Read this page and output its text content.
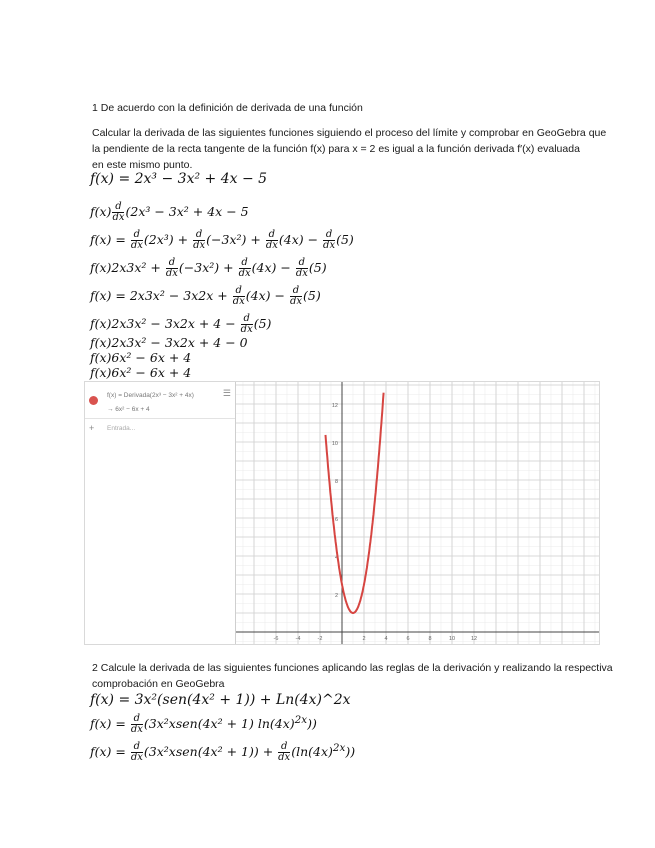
1 De acuerdo con la definición de derivada de una función
Calcular la derivada de las siguientes funciones siguiendo el proceso del límite y comprobar en GeoGebra que
la pendiente de la recta tangente de la función f(x) para x = 2 es igual a la función derivada f′(x) evaluada
en este mismo punto.
f(x) = 2x³ − 3x² + 4x − 5
$f(x) \frac{d}{dx} (2x^3 - 3x^2 + 4x - 5$
$f(x) = \frac{d}{dx} (2x^3) + \frac{d}{dx} (-3x^2) + \frac{d}{dx} (4x) - \frac{d}{dx} (5)$
$f(x)2x3x^2 + \frac{d}{dx} (-3x^2) + \frac{d}{dx} (4x) - \frac{d}{dx} (5)$
$f(x) = 2x3x^2 - 3x2x + \frac{d}{dx} (4x) - \frac{d}{dx} (5)$
$f(x)2x3x^2 - 3x2x + 4 - \frac{d}{dx} (5)$
f(x)2x3x² − 3x2x + 4 − 0
f(x)6x² − 6x + 4
f(x)6x² − 6x + 4
f(x) = Derivada(2x³ − 3x² + 4x)
→ 6x² − 6x + 4
☰
+ Entrada...
12
10
8
6
4
2
-6	-4	-2	2	4	6	8	10	12
2 Calcule la derivada de las siguientes funciones aplicando las reglas de la derivación y realizando la respectiva
comprobación en GeoGebra
f(x) = 3x²(sen(4x² + 1)) + Ln(4x)^2x
$f(x) = \frac{d}{dx}$ (3x²xsen(4x² + 1) $\ln(4x)^{2x}$))
$f(x) = \frac{d}{dx}$ (3x²xsen(4x² + $1)) + \frac{d}{dx} (\ln(4x)^{2x})$)
